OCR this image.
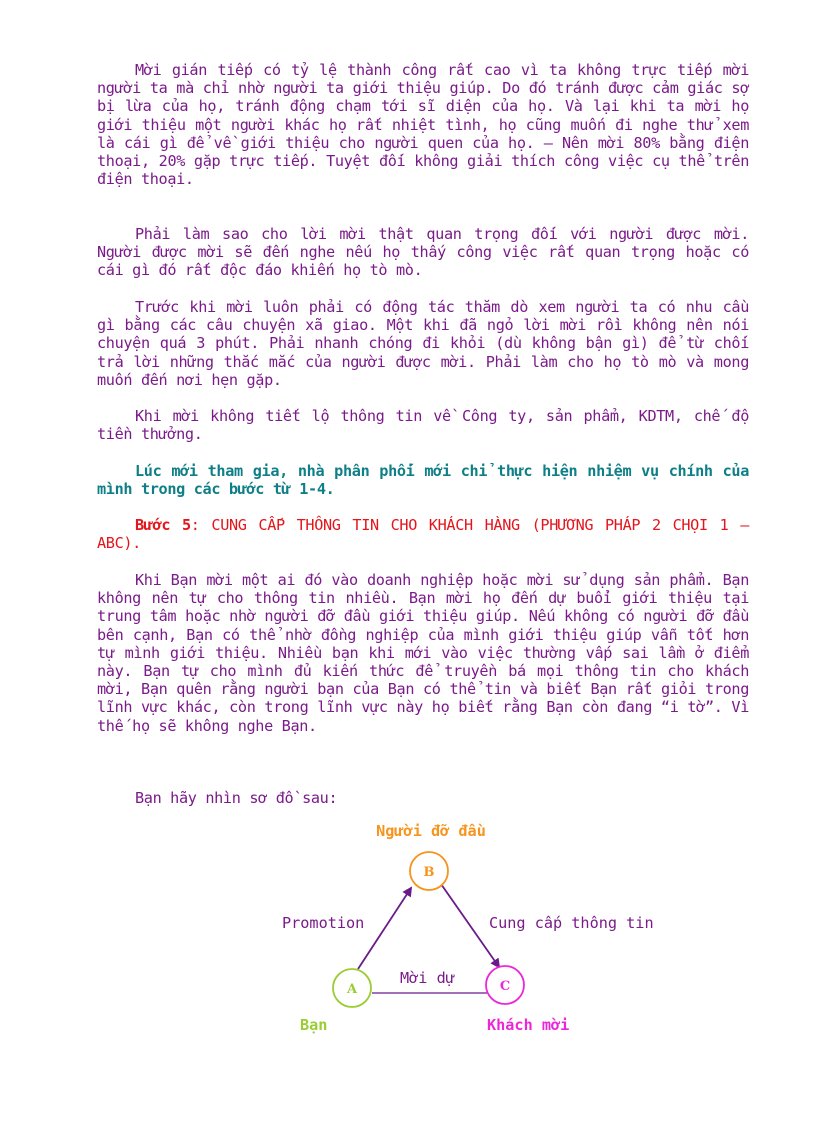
Mời gián tiếp có tỷ lệ thành công rất cao vì ta không trực tiếp mời người ta mà chỉ nhờ người ta giới thiệu giúp. Do đó tránh được cảm giác sợ bị lừa của họ, tránh động chạm tới sĩ diện của họ. Và lại khi ta mời họ giới thiệu một người khác họ rất nhiệt tình, họ cũng muốn đi nghe thử xem là cái gì để về giới thiệu cho người quen của họ. – Nên mời 80% bằng điện thoại, 20% gặp trực tiếp. Tuyệt đối không giải thích công việc cụ thể trên điện thoại.

Phải làm sao cho lời mời thật quan trọng đối với người được mời. Người được mời sẽ đến nghe nếu họ thấy công việc rất quan trọng hoặc có cái gì đó rất độc đáo khiến họ tò mò.

Trước khi mời luôn phải có động tác thăm dò xem người ta có nhu cầu gì bằng các câu chuyện xã giao. Một khi đã ngỏ lời mời rồi không nên nói chuyện quá 3 phút. Phải nhanh chóng đi khỏi (dù không bận gì) để từ chối trả lời những thắc mắc của người được mời. Phải làm cho họ tò mò và mong muốn đến nơi hẹn gặp.

Khi mời không tiết lộ thông tin về Công ty, sản phẩm, KDTM, chế độ tiền thưởng.

Lúc mới tham gia, nhà phân phối mới chỉ thực hiện nhiệm vụ chính của mình trong các bước từ 1-4.

Bước 5: CUNG CẤP THÔNG TIN CHO KHÁCH HÀNG (PHƯƠNG PHÁP 2 CHỌI 1 – ABC).

Khi Bạn mời một ai đó vào doanh nghiệp hoặc mời sử dụng sản phẩm. Bạn không nên tự cho thông tin nhiều. Bạn mời họ đến dự buổi giới thiệu tại trung tâm hoặc nhờ người đỡ đầu giới thiệu giúp. Nếu không có người đỡ đầu bên cạnh, Bạn có thể nhờ đồng nghiệp của mình giới thiệu giúp vẫn tốt hơn tự mình giới thiệu. Nhiều bạn khi mới vào việc thường vấp sai lầm ở điểm này. Bạn tự cho mình đủ kiến thức để truyền bá mọi thông tin cho khách mời, Bạn quên rằng người bạn của Bạn có thể tin và biết Bạn rất giỏi trong lĩnh vực khác, còn trong lĩnh vực này họ biết rằng Bạn còn đang “i tờ”. Vì thế họ sẽ không nghe Bạn.

Bạn hãy nhìn sơ đồ sau:

B
A	C
Người đỡ đầu
Bạn	Khách mời
Promotion	Cung cấp thông tin
Mời dự
